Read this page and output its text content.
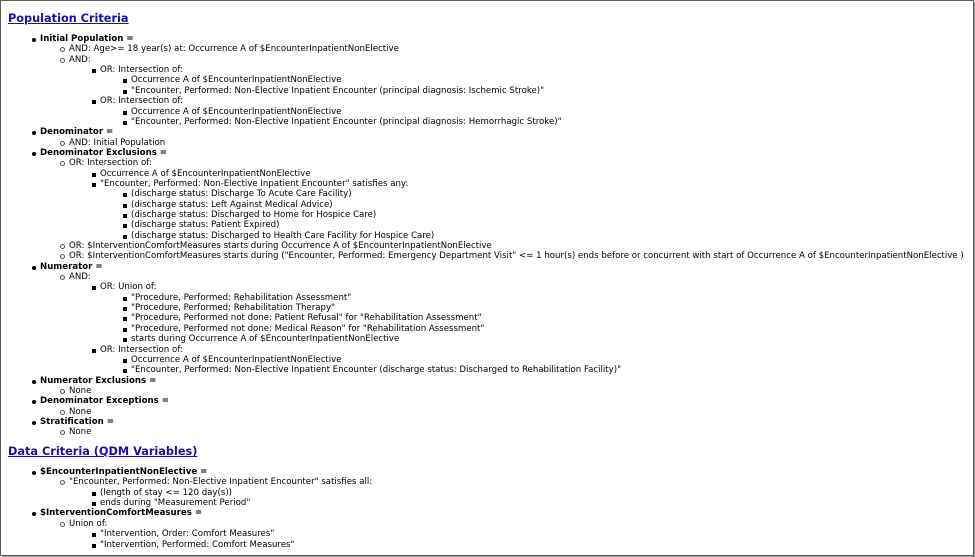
Population Criteria
Initial Population =
AND: Age>= 18 year(s) at: Occurrence A of $EncounterInpatientNonElective
AND:
OR: Intersection of:
Occurrence A of $EncounterInpatientNonElective
"Encounter, Performed: Non-Elective Inpatient Encounter (principal diagnosis: Ischemic Stroke)"
OR: Intersection of:
Occurrence A of $EncounterInpatientNonElective
"Encounter, Performed: Non-Elective Inpatient Encounter (principal diagnosis: Hemorrhagic Stroke)"
Denominator =
AND: Initial Population
Denominator Exclusions =
OR: Intersection of:
Occurrence A of $EncounterInpatientNonElective
"Encounter, Performed: Non-Elective Inpatient Encounter" satisfies any:
(discharge status: Discharge To Acute Care Facility)
(discharge status: Left Against Medical Advice)
(discharge status: Discharged to Home for Hospice Care)
(discharge status: Patient Expired)
(discharge status: Discharged to Health Care Facility for Hospice Care)
OR: $InterventionComfortMeasures starts during Occurrence A of $EncounterInpatientNonElective
OR: $InterventionComfortMeasures starts during ("Encounter, Performed: Emergency Department Visit" <= 1 hour(s) ends before or concurrent with start of Occurrence A of $EncounterInpatientNonElective )
Numerator =
AND:
OR: Union of:
"Procedure, Performed: Rehabilitation Assessment"
"Procedure, Performed: Rehabilitation Therapy"
"Procedure, Performed not done: Patient Refusal" for "Rehabilitation Assessment"
"Procedure, Performed not done: Medical Reason" for "Rehabilitation Assessment"
starts during Occurrence A of $EncounterInpatientNonElective
OR: Intersection of:
Occurrence A of $EncounterInpatientNonElective
"Encounter, Performed: Non-Elective Inpatient Encounter (discharge status: Discharged to Rehabilitation Facility)"
Numerator Exclusions =
None
Denominator Exceptions =
None
Stratification =
None
Data Criteria (QDM Variables)
$EncounterInpatientNonElective =
"Encounter, Performed: Non-Elective Inpatient Encounter" satisfies all:
(length of stay <= 120 day(s))
ends during "Measurement Period"
$InterventionComfortMeasures =
Union of:
"Intervention, Order: Comfort Measures"
"Intervention, Performed: Comfort Measures"
